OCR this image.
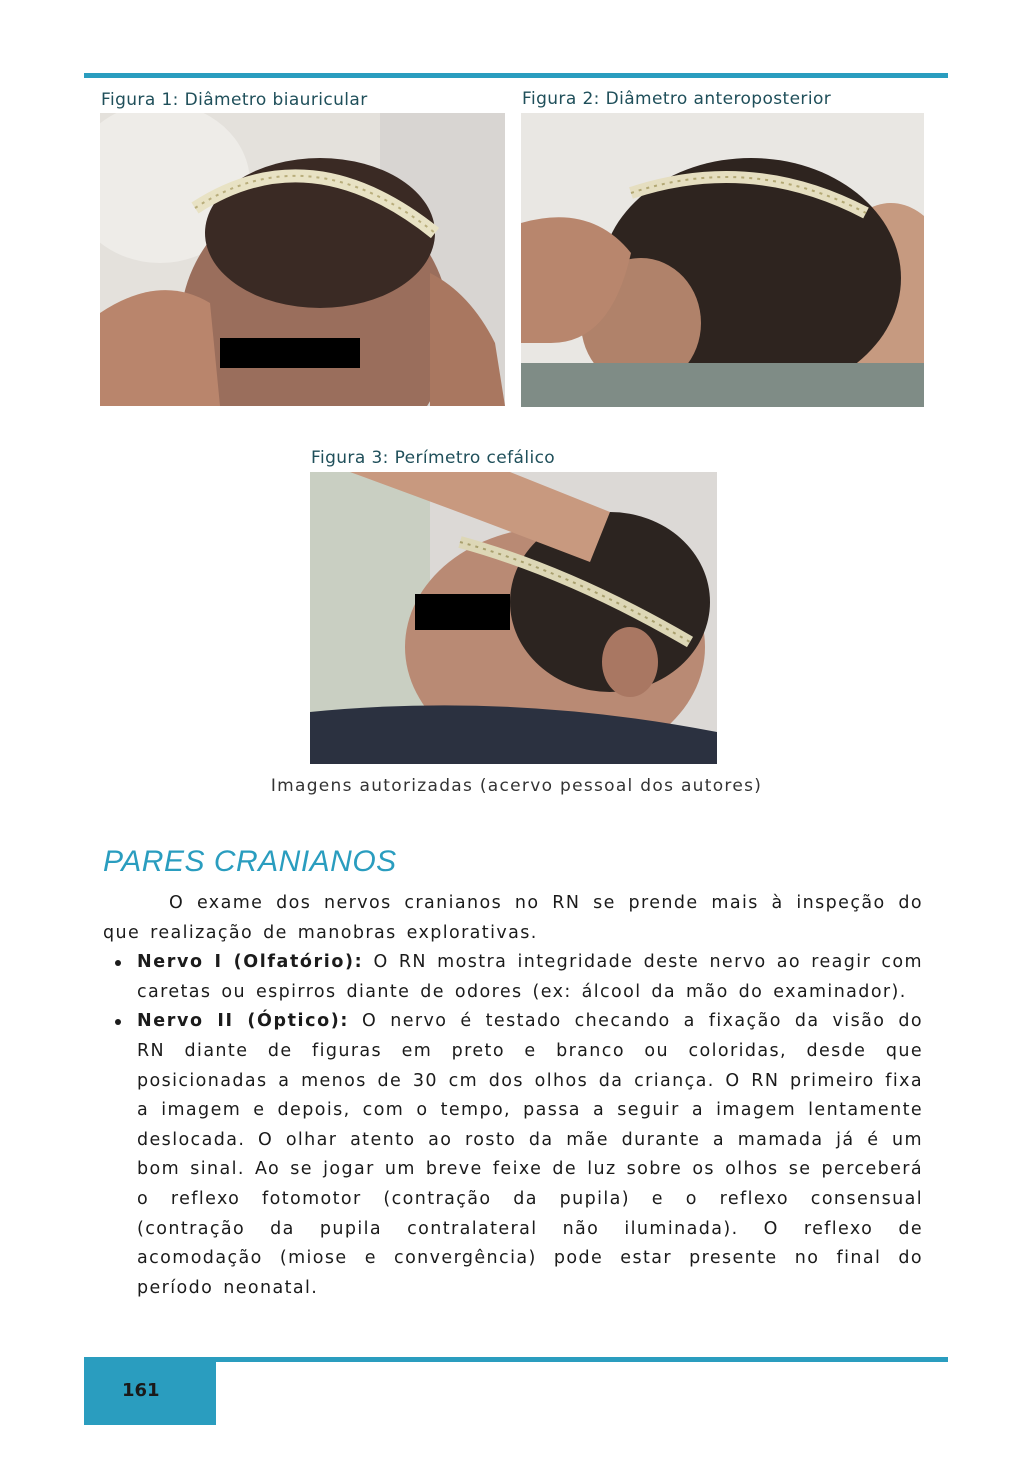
Figura 1: Diâmetro biauricular	Figura 2: Diâmetro anteroposterior
Figura 3: Perímetro cefálico
Imagens autorizadas (acervo pessoal dos autores)
PARES CRANIANOS

O exame dos nervos cranianos no RN se prende mais à inspeção do que realização de manobras explorativas.

Nervo I (Olfatório): O RN mostra integridade deste nervo ao reagir com caretas ou espirros diante de odores (ex: álcool da mão do examinador).
Nervo II (Óptico): O nervo é testado checando a fixação da visão do RN diante de figuras em preto e branco ou coloridas, desde que posicionadas a menos de 30 cm dos olhos da criança. O RN primeiro fixa a imagem e depois, com o tempo, passa a seguir a imagem lentamente deslocada. O olhar atento ao rosto da mãe durante a mamada já é um bom sinal. Ao se jogar um breve feixe de luz sobre os olhos se perceberá o reflexo fotomotor (contração da pupila) e o reflexo consensual (contração da pupila contralateral não iluminada). O reflexo de acomodação (miose e convergência) pode estar presente no final do período neonatal.
161
